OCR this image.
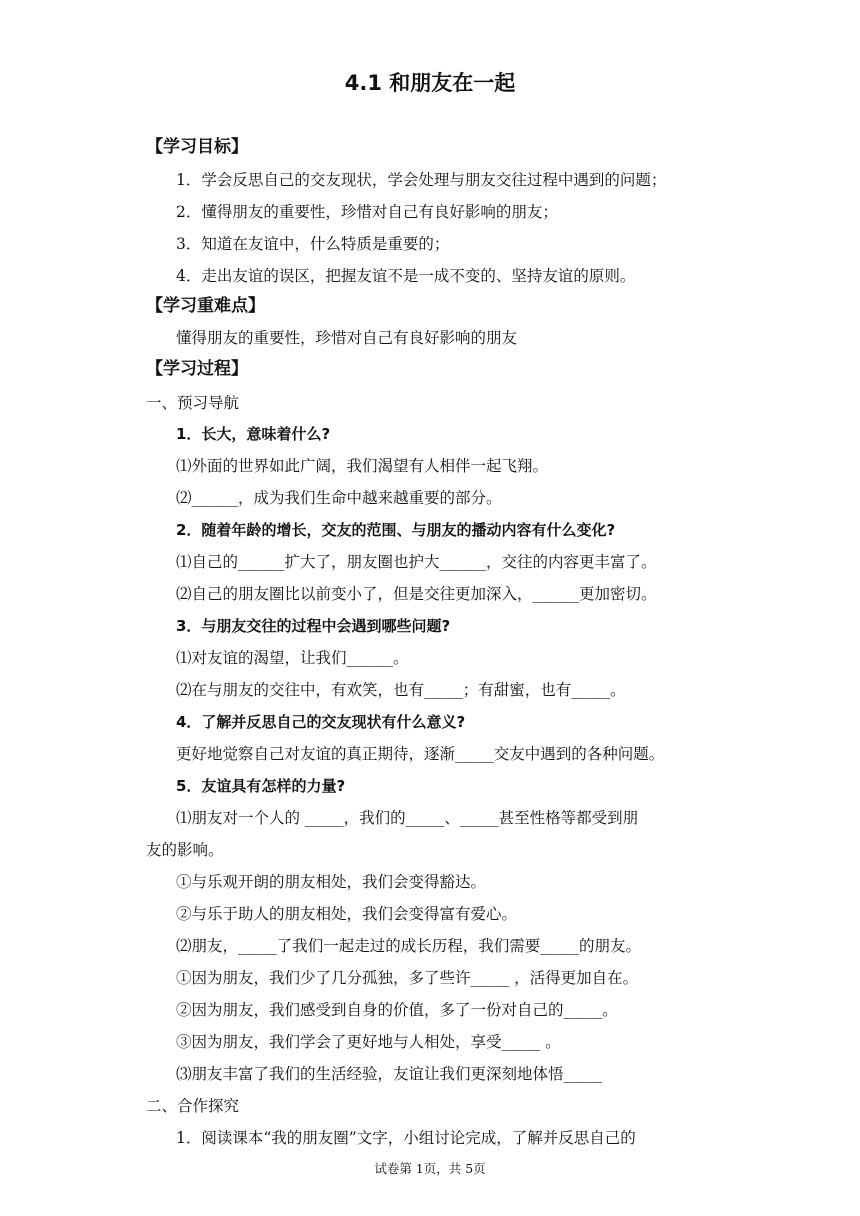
4.1 和朋友在一起
【学习目标】
1．学会反思自己的交友现状，学会处理与朋友交往过程中遇到的问题；
2．懂得朋友的重要性，珍惜对自己有良好影响的朋友；
3．知道在友谊中，什么特质是重要的；
4．走出友谊的误区，把握友谊不是一成不变的、坚持友谊的原则。
【学习重难点】
懂得朋友的重要性，珍惜对自己有良好影响的朋友
【学习过程】
一、预习导航
1．长大，意味着什么?
⑴外面的世界如此广阔，我们渴望有人相伴一起飞翔。
⑵______，成为我们生命中越来越重要的部分。
2．随着年龄的增长，交友的范围、与朋友的播动内容有什么变化?
⑴自己的______扩大了，朋友圈也护大______，交往的内容更丰富了。
⑵自己的朋友圈比以前变小了，但是交往更加深入，______更加密切。
3．与朋友交往的过程中会遇到哪些问题?
⑴对友谊的渴望，让我们______。
⑵在与朋友的交往中，有欢笑，也有_____；有甜蜜，也有_____。
4．了解并反思自己的交友现状有什么意义?
更好地觉察自己对友谊的真正期待，逐渐_____交友中遇到的各种问题。
5．友谊具有怎样的力量?
⑴朋友对一个人的 _____，我们的_____、_____甚至性格等都受到朋
友的影响。
①与乐观开朗的朋友相处，我们会变得豁达。
②与乐于助人的朋友相处，我们会变得富有爱心。
⑵朋友，_____了我们一起走过的成长历程，我们需要_____的朋友。
①因为朋友，我们少了几分孤独，多了些许_____ ，活得更加自在。
②因为朋友，我们感受到自身的价值，多了一份对自己的_____。
③因为朋友，我们学会了更好地与人相处，享受_____ 。
⑶朋友丰富了我们的生活经验，友谊让我们更深刻地体悟_____
二、合作探究
1．阅读课本“我的朋友圈”文字，小组讨论完成，了解并反思自己的
试卷第 1页，共 5页
